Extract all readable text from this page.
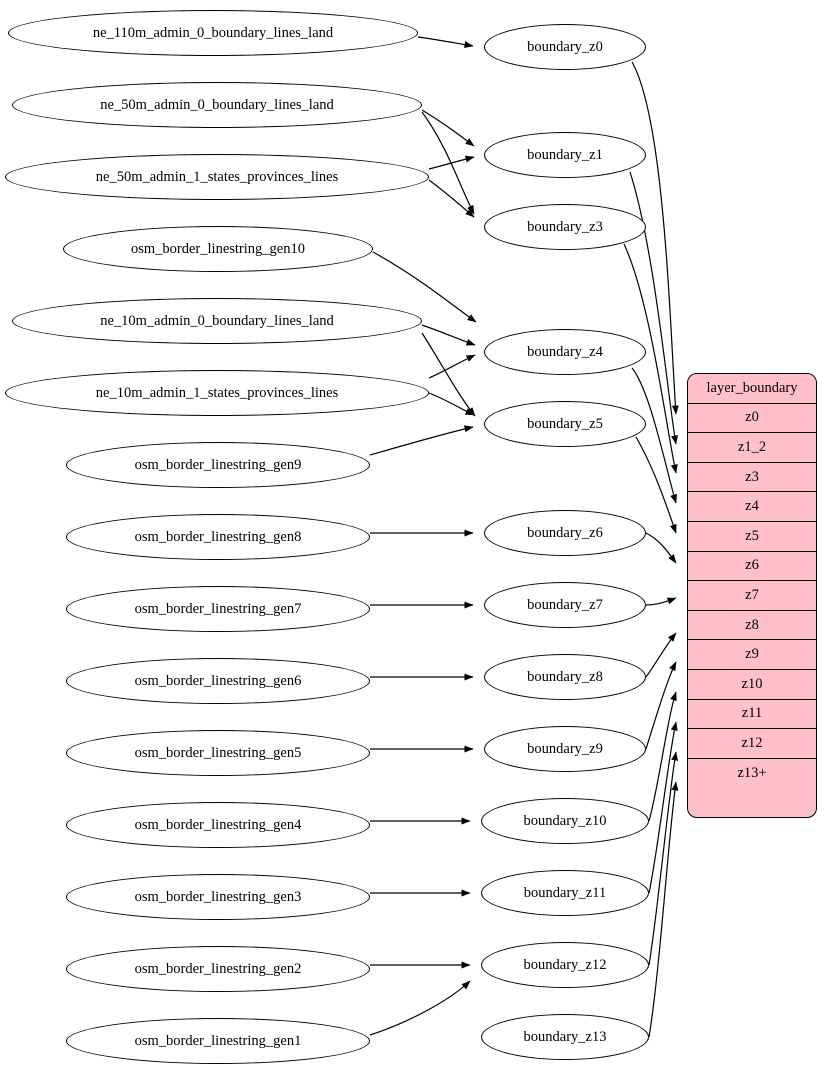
ne_110m_admin_0_boundary_lines_land
ne_50m_admin_0_boundary_lines_land
ne_50m_admin_1_states_provinces_lines
osm_border_linestring_gen10
ne_10m_admin_0_boundary_lines_land
ne_10m_admin_1_states_provinces_lines
osm_border_linestring_gen9
osm_border_linestring_gen8
osm_border_linestring_gen7
osm_border_linestring_gen6
osm_border_linestring_gen5
osm_border_linestring_gen4
osm_border_linestring_gen3
osm_border_linestring_gen2
osm_border_linestring_gen1
boundary_z0
boundary_z1
boundary_z3
boundary_z4
boundary_z5
boundary_z6
boundary_z7
boundary_z8
boundary_z9
boundary_z10
boundary_z11
boundary_z12
boundary_z13
layer_boundary
z0
z1_2
z3
z4
z5
z6
z7
z8
z9
z10
z11
z12
z13+
